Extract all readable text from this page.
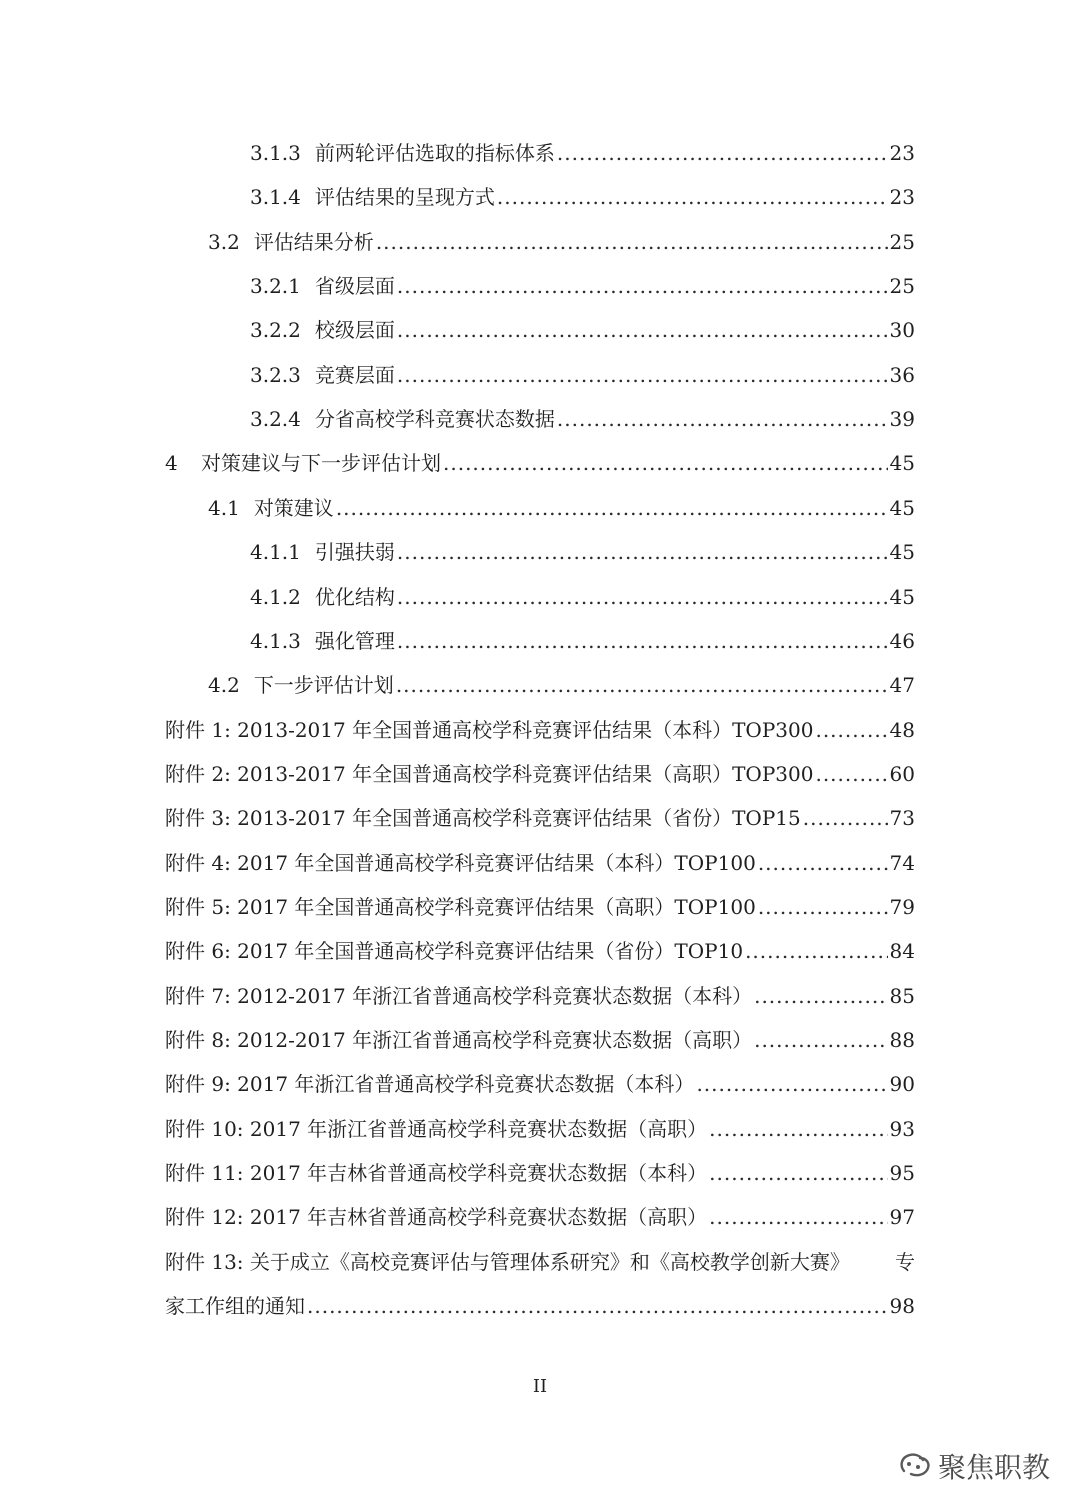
3.1.3 前两轮评估选取的指标体系 .....	23
3.1.4 评估结果的呈现方式 .....	23
3.2 评估结果分析 .....	25
3.2.1 省级层面 .....	25
3.2.2 校级层面 .....	30
3.2.3 竞赛层面 .....	36
3.2.4 分省高校学科竞赛状态数据 .....	39
4	对策建议与下一步评估计划 .....	45
4.1 对策建议 .....	45
4.1.1 引强扶弱 .....	45
4.1.2 优化结构 .....	45
4.1.3 强化管理 .....	46
4.2 下一步评估计划 .....	47
附件 1: 2013-2017 年全国普通高校学科竞赛评估结果（本科）TOP300 .....	48
附件 2: 2013-2017 年全国普通高校学科竞赛评估结果（高职）TOP300 .....	60
附件 3: 2013-2017 年全国普通高校学科竞赛评估结果（省份）TOP15 .....	73
附件 4: 2017 年全国普通高校学科竞赛评估结果（本科）TOP100 .....	74
附件 5: 2017 年全国普通高校学科竞赛评估结果（高职）TOP100 .....	79
附件 6: 2017 年全国普通高校学科竞赛评估结果（省份）TOP10 .....	84
附件 7: 2012-2017 年浙江省普通高校学科竞赛状态数据（本科） .....	85
附件 8: 2012-2017 年浙江省普通高校学科竞赛状态数据（高职） .....	88
附件 9: 2017 年浙江省普通高校学科竞赛状态数据（本科） .....	90
附件 10: 2017 年浙江省普通高校学科竞赛状态数据（高职） .....	93
附件 11: 2017 年吉林省普通高校学科竞赛状态数据（本科） .....	95
附件 12: 2017 年吉林省普通高校学科竞赛状态数据（高职） .....	97
附件 13: 关于成立《高校竞赛评估与管理体系研究》和《高校教学创新大赛》 专
家工作组的通知 .....	98
II
聚焦职教
